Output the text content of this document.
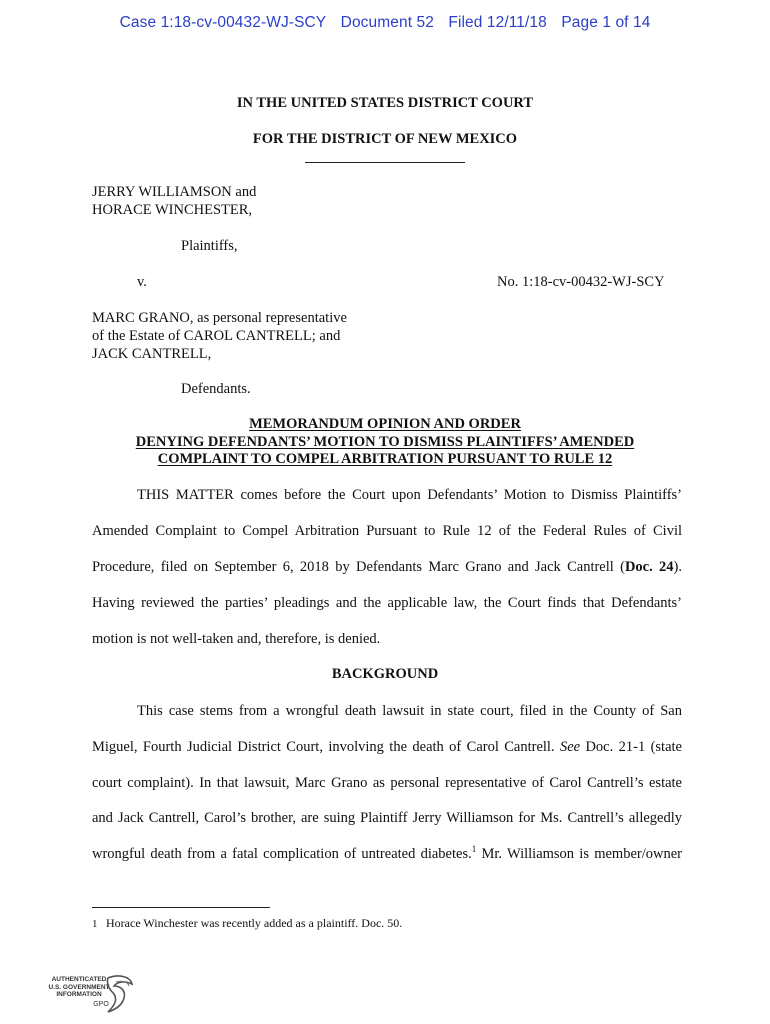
Case 1:18-cv-00432-WJ-SCY Document 52 Filed 12/11/18 Page 1 of 14
IN THE UNITED STATES DISTRICT COURT
FOR THE DISTRICT OF NEW MEXICO
JERRY WILLIAMSON and
HORACE WINCHESTER,
Plaintiffs,
v.	No. 1:18-cv-00432-WJ-SCY
MARC GRANO, as personal representative
of the Estate of CAROL CANTRELL; and
JACK CANTRELL,
Defendants.
MEMORANDUM OPINION AND ORDER
DENYING DEFENDANTS’ MOTION TO DISMISS PLAINTIFFS’ AMENDED
COMPLAINT TO COMPEL ARBITRATION PURSUANT TO RULE 12
THIS MATTER comes before the Court upon Defendants’ Motion to Dismiss Plaintiffs’
Amended Complaint to Compel Arbitration Pursuant to Rule 12 of the Federal Rules of Civil
Procedure, filed on September 6, 2018 by Defendants Marc Grano and Jack Cantrell (Doc. 24).
Having reviewed the parties’ pleadings and the applicable law, the Court finds that Defendants’
motion is not well-taken and, therefore, is denied.
BACKGROUND
This case stems from a wrongful death lawsuit in state court, filed in the County of San
Miguel, Fourth Judicial District Court, involving the death of Carol Cantrell. See Doc. 21-1 (state
court complaint). In that lawsuit, Marc Grano as personal representative of Carol Cantrell’s estate
and Jack Cantrell, Carol’s brother, are suing Plaintiff Jerry Williamson for Ms. Cantrell’s allegedly
wrongful death from a fatal complication of untreated diabetes.$^1$ Mr. Williamson is member/owner
1 Horace Winchester was recently added as a plaintiff. Doc. 50.
AUTHENTICATED
U.S. GOVERNMENT
INFORMATION
GPO
